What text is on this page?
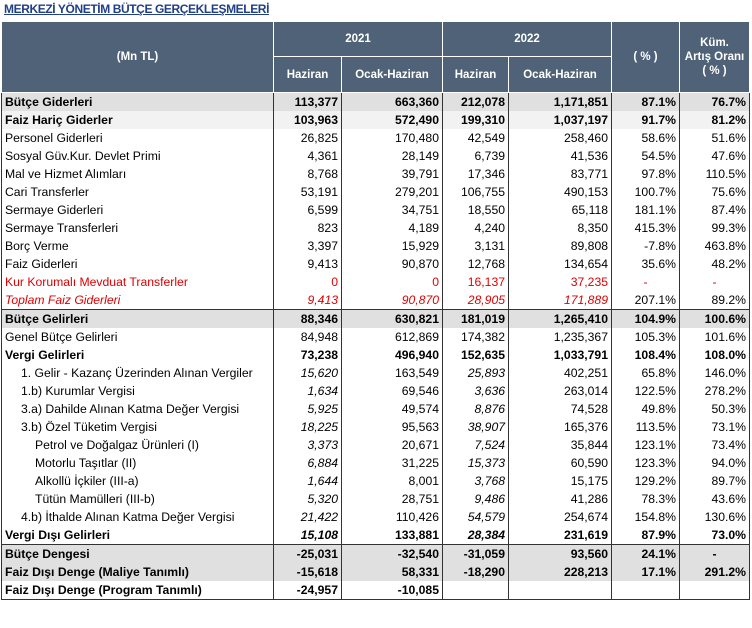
MERKEZİ YÖNETİM BÜTÇE GERÇEKLEŞMELERİ
(Mn TL)	2021		2022		( % )	Küm.
Artış Oranı
( % )
	Haziran	Ocak-Haziran	Haziran	Ocak-Haziran		
Bütçe Giderleri	113,377	663,360	212,078	1,171,851	87.1%	76.7%
Faiz Hariç Giderler	103,963	572,490	199,310	1,037,197	91.7%	81.2%
Personel Giderleri	26,825	170,480	42,549	258,460	58.6%	51.6%
Sosyal Güv.Kur. Devlet Primi	4,361	28,149	6,739	41,536	54.5%	47.6%
Mal ve Hizmet Alımları	8,768	39,791	17,346	83,771	97.8%	110.5%
Cari Transferler	53,191	279,201	106,755	490,153	100.7%	75.6%
Sermaye Giderleri	6,599	34,751	18,550	65,118	181.1%	87.4%
Sermaye Transferleri	823	4,189	4,240	8,350	415.3%	99.3%
Borç Verme	3,397	15,929	3,131	89,808	-7.8%	463.8%
Faiz Giderleri	9,413	90,870	12,768	134,654	35.6%	48.2%
Kur Korumalı Mevduat Transferler	0	0	16,137	37,235	-	-
Toplam Faiz Giderleri	9,413	90,870	28,905	171,889	207.1%	89.2%
Bütçe Gelirleri	88,346	630,821	181,019	1,265,410	104.9%	100.6%
Genel Bütçe Gelirleri	84,948	612,869	174,382	1,235,367	105.3%	101.6%
Vergi Gelirleri	73,238	496,940	152,635	1,033,791	108.4%	108.0%
1. Gelir - Kazanç Üzerinden Alınan Vergiler	15,620	163,549	25,893	402,251	65.8%	146.0%
1.b) Kurumlar Vergisi	1,634	69,546	3,636	263,014	122.5%	278.2%
3.a) Dahilde Alınan Katma Değer Vergisi	5,925	49,574	8,876	74,528	49.8%	50.3%
3.b) Özel Tüketim Vergisi	18,225	95,563	38,907	165,376	113.5%	73.1%
Petrol ve Doğalgaz Ürünleri (I)	3,373	20,671	7,524	35,844	123.1%	73.4%
Motorlu Taşıtlar (II)	6,884	31,225	15,373	60,590	123.3%	94.0%
Alkollü İçkiler (III-a)	1,644	8,001	3,768	15,175	129.2%	89.7%
Tütün Mamülleri (III-b)	5,320	28,751	9,486	41,286	78.3%	43.6%
4.b) İthalde Alınan Katma Değer Vergisi	21,422	110,426	54,579	254,674	154.8%	130.6%
Vergi Dışı Gelirleri	15,108	133,881	28,384	231,619	87.9%	73.0%
Bütçe Dengesi	-25,031	-32,540	-31,059	93,560	24.1%	-
Faiz Dışı Denge (Maliye Tanımlı)	-15,618	58,331	-18,290	228,213	17.1%	291.2%
Faiz Dışı Denge (Program Tanımlı)	-24,957	-10,085				
